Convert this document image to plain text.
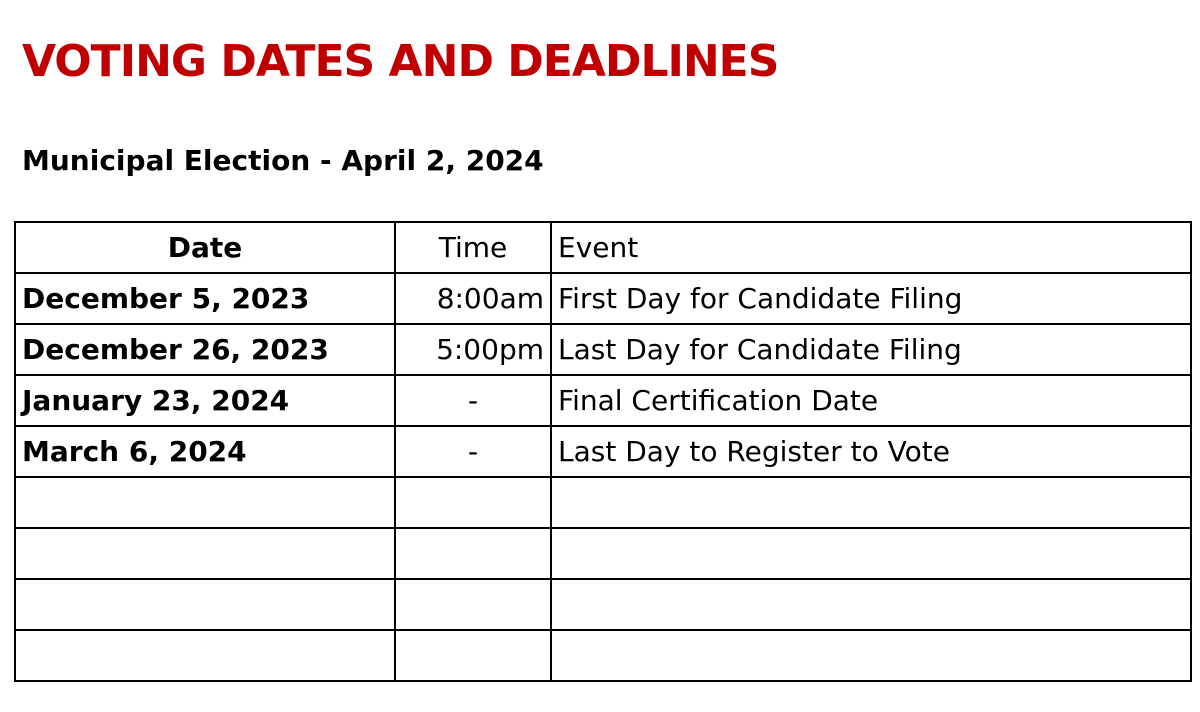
VOTING DATES AND DEADLINES
Municipal Election - April 2, 2024
Date	Time	Event
December 5, 2023	8:00am	First Day for Candidate Filing
December 26, 2023	5:00pm	Last Day for Candidate Filing
January 23, 2024	-	Final Certification Date
March 6, 2024	-	Last Day to Register to Vote
